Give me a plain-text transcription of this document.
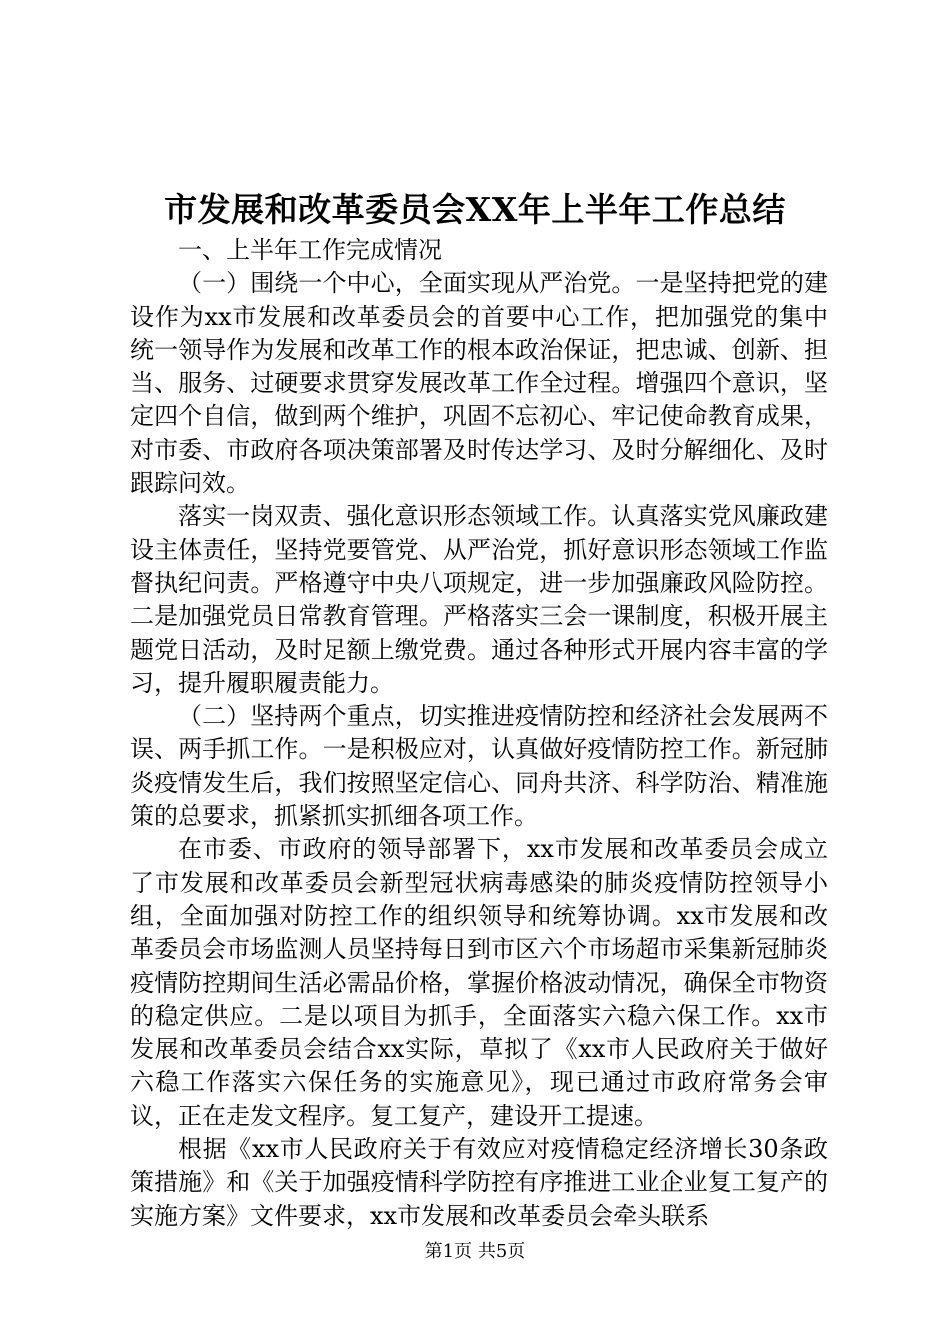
市发展和改革委员会XX年上半年工作总结

一、上半年工作完成情况

（一）围绕一个中心，全面实现从严治党。一是坚持把党的建设作为xx市发展和改革委员会的首要中心工作，把加强党的集中统一领导作为发展和改革工作的根本政治保证，把忠诚、创新、担当、服务、过硬要求贯穿发展改革工作全过程。增强四个意识，坚定四个自信，做到两个维护，巩固不忘初心、牢记使命教育成果，对市委、市政府各项决策部署及时传达学习、及时分解细化、及时跟踪问效。

落实一岗双责、强化意识形态领域工作。认真落实党风廉政建设主体责任，坚持党要管党、从严治党，抓好意识形态领域工作监督执纪问责。严格遵守中央八项规定，进一步加强廉政风险防控。二是加强党员日常教育管理。严格落实三会一课制度，积极开展主题党日活动，及时足额上缴党费。通过各种形式开展内容丰富的学习，提升履职履责能力。

（二）坚持两个重点，切实推进疫情防控和经济社会发展两不误、两手抓工作。一是积极应对，认真做好疫情防控工作。新冠肺炎疫情发生后，我们按照坚定信心、同舟共济、科学防治、精准施策的总要求，抓紧抓实抓细各项工作。

在市委、市政府的领导部署下，xx市发展和改革委员会成立了市发展和改革委员会新型冠状病毒感染的肺炎疫情防控领导小组，全面加强对防控工作的组织领导和统筹协调。xx市发展和改革委员会市场监测人员坚持每日到市区六个市场超市采集新冠肺炎疫情防控期间生活必需品价格，掌握价格波动情况，确保全市物资的稳定供应。二是以项目为抓手，全面落实六稳六保工作。xx市发展和改革委员会结合xx实际，草拟了《xx市人民政府关于做好六稳工作落实六保任务的实施意见》，现已通过市政府常务会审议，正在走发文程序。复工复产，建设开工提速。

根据《xx市人民政府关于有效应对疫情稳定经济增长30条政策措施》和《关于加强疫情科学防控有序推进工业企业复工复产的实施方案》文件要求，xx市发展和改革委员会牵头联系

第1页 共5页
